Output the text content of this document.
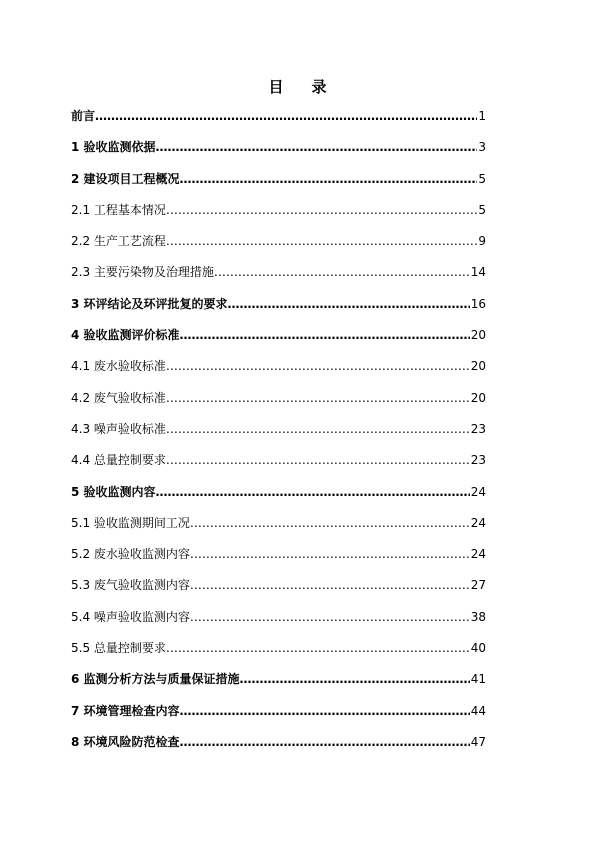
目 录
前言 ……………………………………………………………………………………………………………………………………………………………………	1
1 验收监测依据 ……………………………………………………………………………………………………………………………………………………………………	3
2 建设项目工程概况 ……………………………………………………………………………………………………………………………………………………………………	5
2.1 工程基本情况 ……………………………………………………………………………………………………………………………………………………………………	5
2.2 生产工艺流程 ……………………………………………………………………………………………………………………………………………………………………	9
2.3 主要污染物及治理措施 ……………………………………………………………………………………………………………………………………………………………………	14
3 环评结论及环评批复的要求 ……………………………………………………………………………………………………………………………………………………………………	16
4 验收监测评价标准 ……………………………………………………………………………………………………………………………………………………………………	20
4.1 废水验收标准 ……………………………………………………………………………………………………………………………………………………………………	20
4.2 废气验收标准 ……………………………………………………………………………………………………………………………………………………………………	20
4.3 噪声验收标准 ……………………………………………………………………………………………………………………………………………………………………	23
4.4 总量控制要求 ……………………………………………………………………………………………………………………………………………………………………	23
5 验收监测内容 ……………………………………………………………………………………………………………………………………………………………………	24
5.1 验收监测期间工况 ……………………………………………………………………………………………………………………………………………………………………	24
5.2 废水验收监测内容 ……………………………………………………………………………………………………………………………………………………………………	24
5.3 废气验收监测内容 ……………………………………………………………………………………………………………………………………………………………………	27
5.4 噪声验收监测内容 ……………………………………………………………………………………………………………………………………………………………………	38
5.5 总量控制要求 ……………………………………………………………………………………………………………………………………………………………………	40
6 监测分析方法与质量保证措施 ……………………………………………………………………………………………………………………………………………………………………	41
7 环境管理检查内容 ……………………………………………………………………………………………………………………………………………………………………	44
8 环境风险防范检查 ……………………………………………………………………………………………………………………………………………………………………	47
